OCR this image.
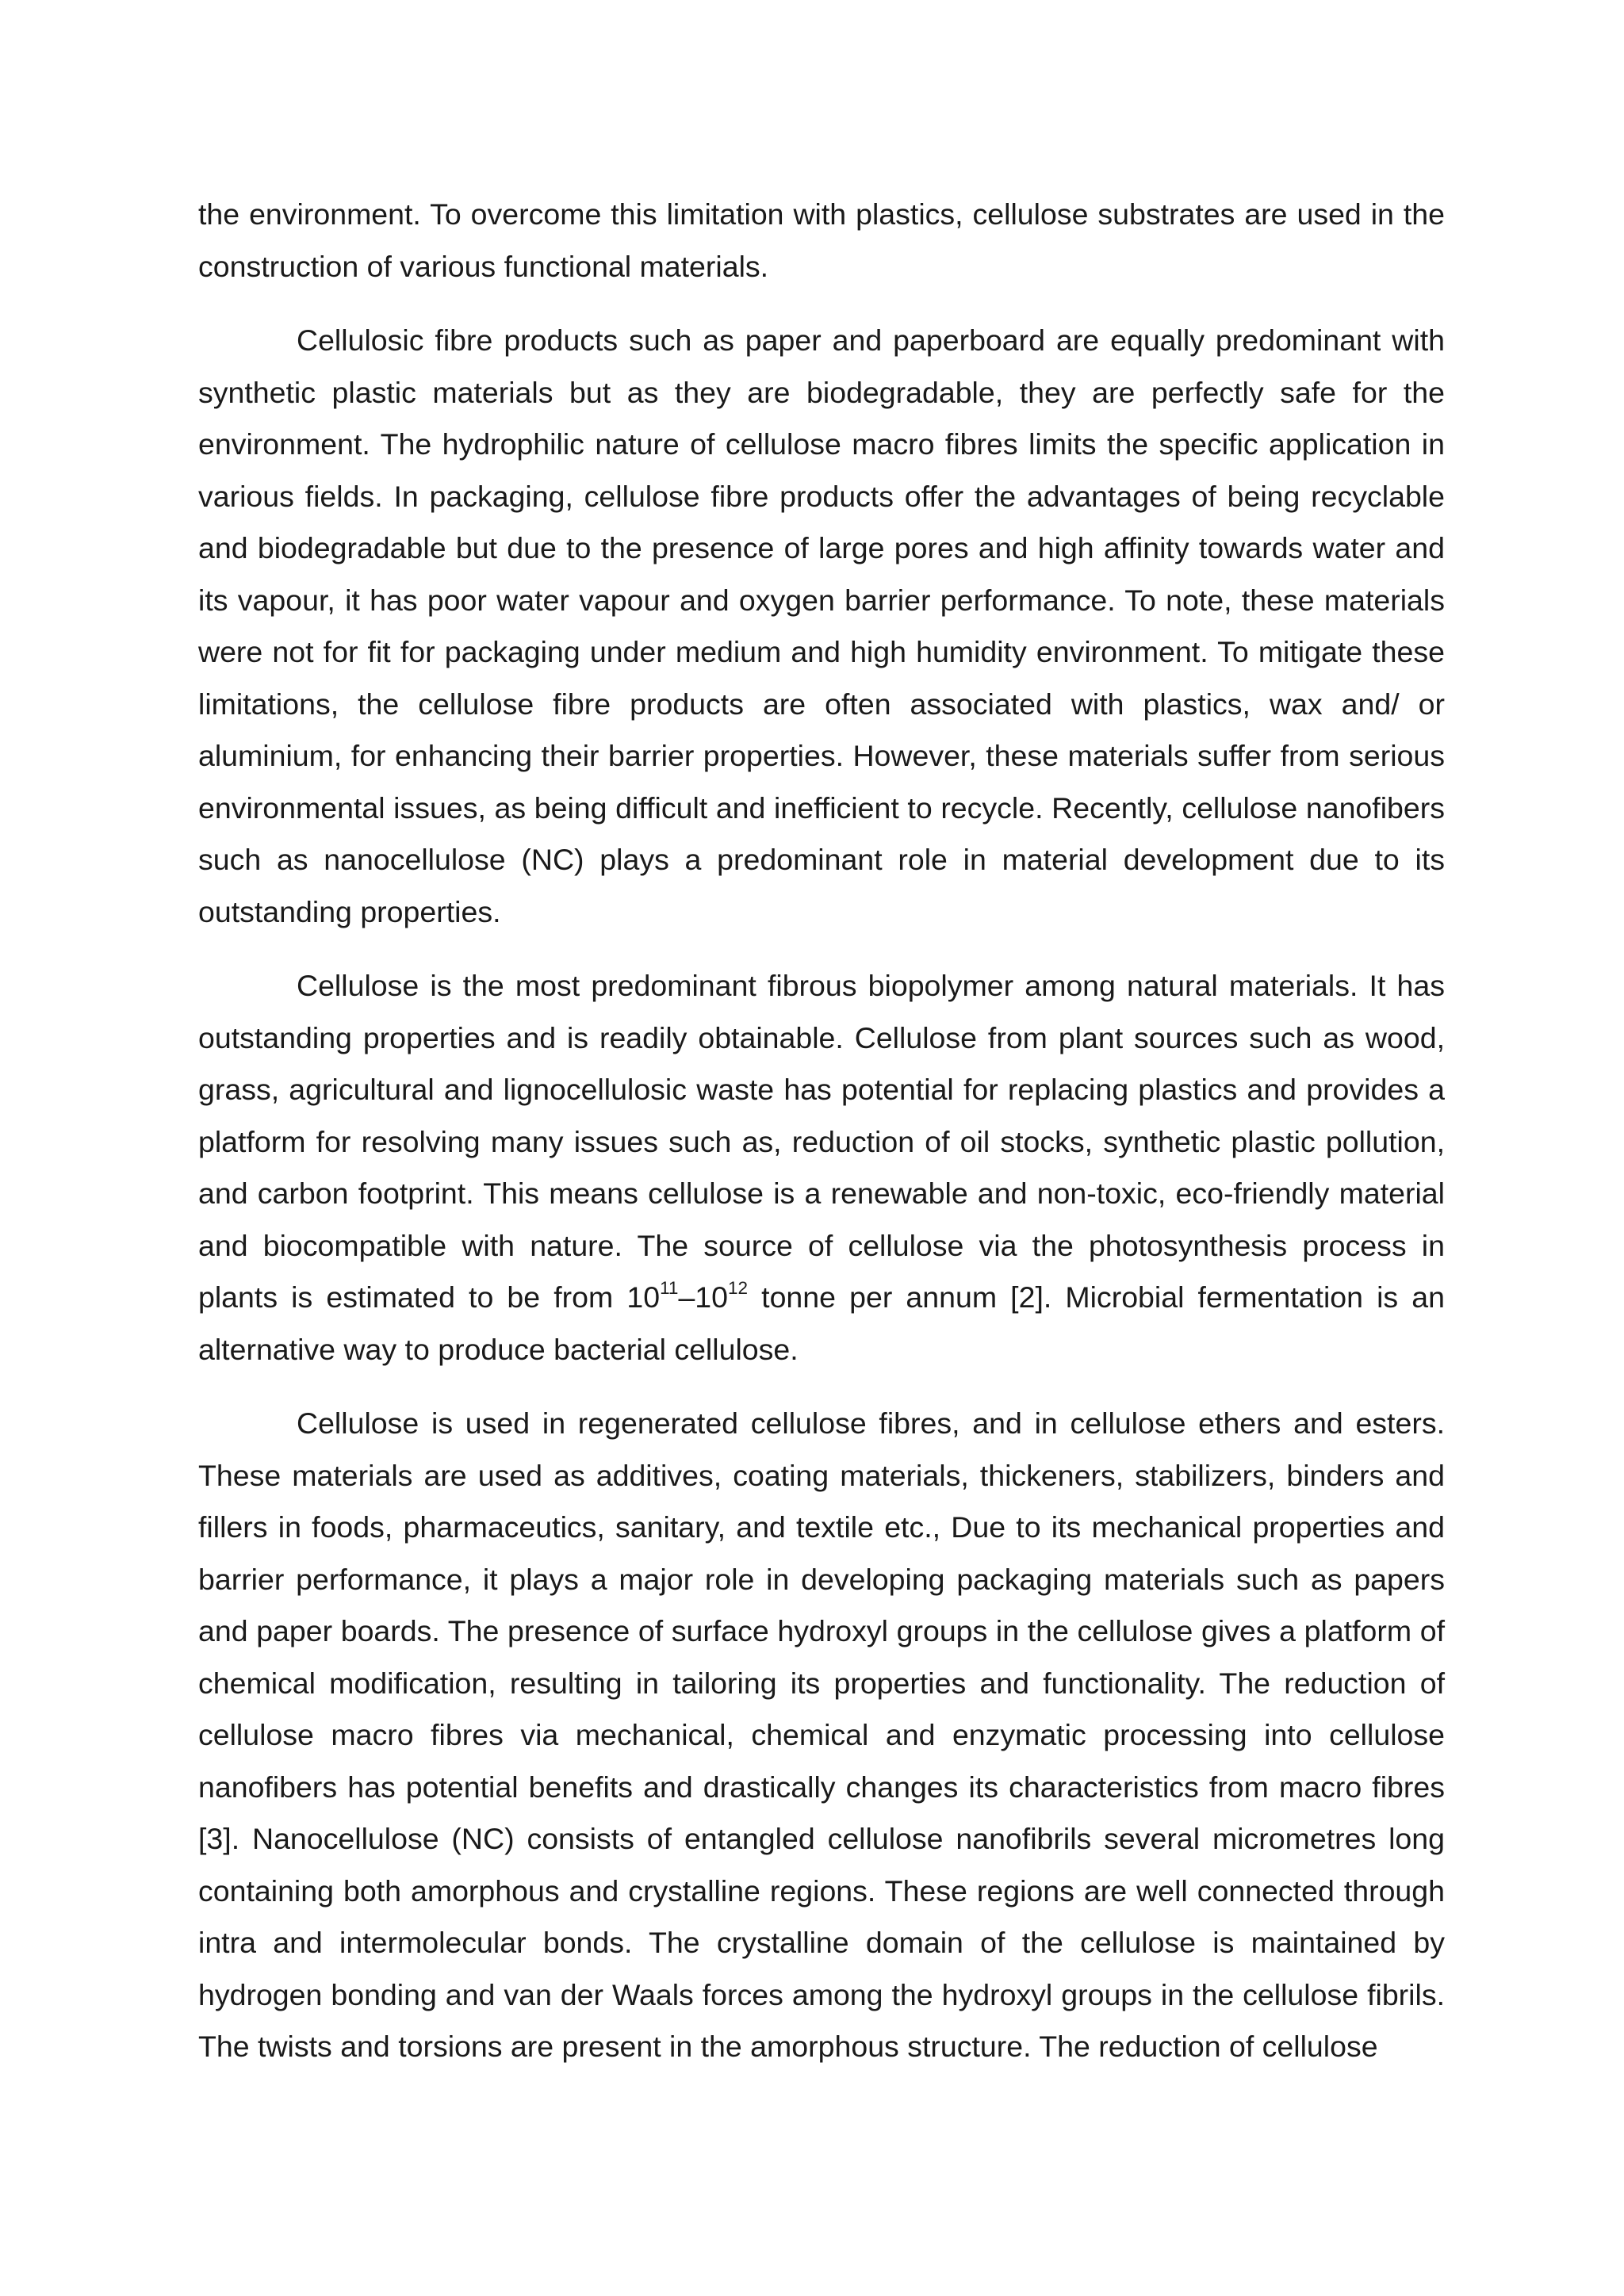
the environment. To overcome this limitation with plastics, cellulose substrates are used in the construction of various functional materials.

Cellulosic fibre products such as paper and paperboard are equally predominant with synthetic plastic materials but as they are biodegradable, they are perfectly safe for the environment. The hydrophilic nature of cellulose macro fibres limits the specific application in various fields. In packaging, cellulose fibre products offer the advantages of being recyclable and biodegradable but due to the presence of large pores and high affinity towards water and its vapour, it has poor water vapour and oxygen barrier performance. To note, these materials were not for fit for packaging under medium and high humidity environment. To mitigate these limitations, the cellulose fibre products are often associated with plastics, wax and/ or aluminium, for enhancing their barrier properties. However, these materials suffer from serious environmental issues, as being difficult and inefficient to recycle. Recently, cellulose nanofibers such as nanocellulose (NC) plays a predominant role in material development due to its outstanding properties.

Cellulose is the most predominant fibrous biopolymer among natural materials. It has outstanding properties and is readily obtainable. Cellulose from plant sources such as wood, grass, agricultural and lignocellulosic waste has potential for replacing plastics and provides a platform for resolving many issues such as, reduction of oil stocks, synthetic plastic pollution, and carbon footprint. This means cellulose is a renewable and non-toxic, eco-friendly material and biocompatible with nature. The source of cellulose via the photosynthesis process in plants is estimated to be from $10^{11}-10^{12}$ tonne per annum [2]. Microbial fermentation is an alternative way to produce bacterial cellulose.

Cellulose is used in regenerated cellulose fibres, and in cellulose ethers and esters. These materials are used as additives, coating materials, thickeners, stabilizers, binders and fillers in foods, pharmaceutics, sanitary, and textile etc., Due to its mechanical properties and barrier performance, it plays a major role in developing packaging materials such as papers and paper boards. The presence of surface hydroxyl groups in the cellulose gives a platform of chemical modification, resulting in tailoring its properties and functionality. The reduction of cellulose macro fibres via mechanical, chemical and enzymatic processing into cellulose nanofibers has potential benefits and drastically changes its characteristics from macro fibres [3]. Nanocellulose (NC) consists of entangled cellulose nanofibrils several micrometres long containing both amorphous and crystalline regions. These regions are well connected through intra and intermolecular bonds. The crystalline domain of the cellulose is maintained by hydrogen bonding and van der Waals forces among the hydroxyl groups in the cellulose fibrils. The twists and torsions are present in the amorphous structure. The reduction of cellulose
